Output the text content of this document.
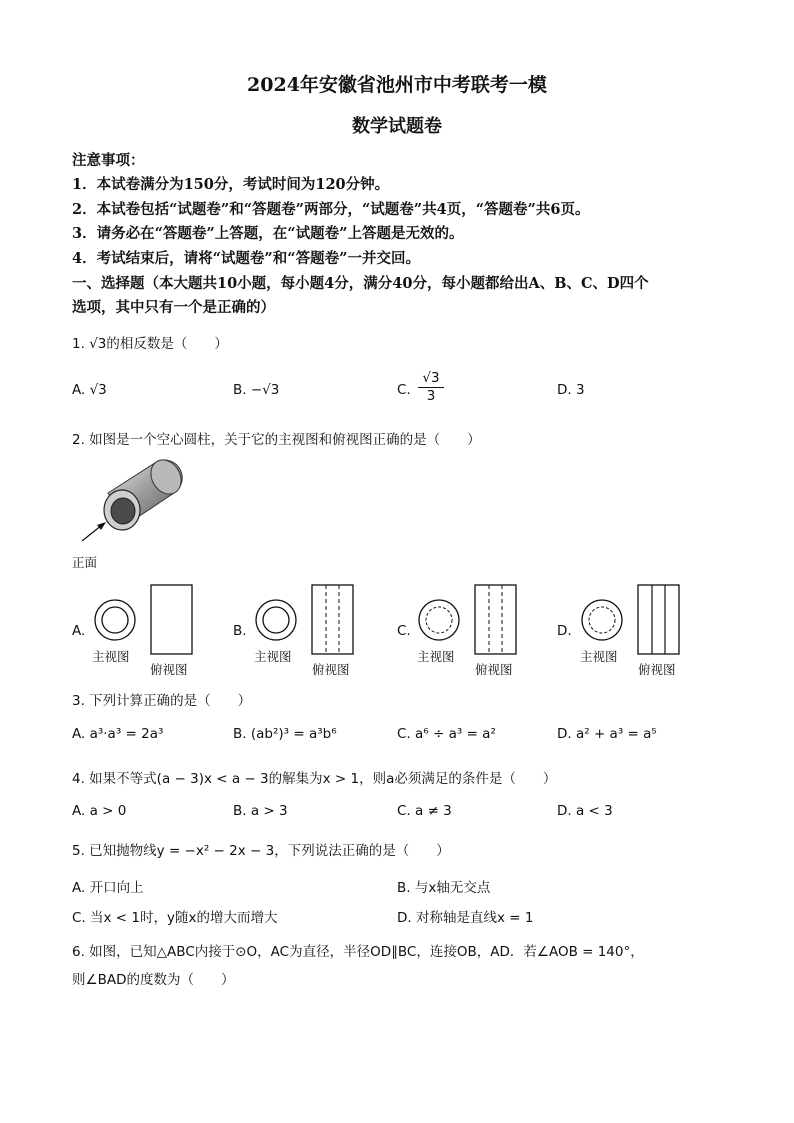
2024年安徽省池州市中考联考一模
数学试题卷
注意事项：
1．本试卷满分为150分，考试时间为120分钟。
2．本试卷包括“试题卷”和“答题卷”两部分，“试题卷”共4页，“答题卷”共6页。
3．请务必在“答题卷”上答题，在“试题卷”上答题是无效的。
4．考试结束后，请将“试题卷”和“答题卷”一并交回。
一、选择题（本大题共10小题，每小题4分，满分40分，每小题都给出A、B、C、D四个
选项，其中只有一个是正确的）
1. √3的相反数是（　　）
A. √3	B. −√3	C. $\frac{√3}{3}$	D. 3
2. 如图是一个空心圆柱，关于它的主视图和俯视图正确的是（　　）
正面
A.
主视图
俯视图
B.
主视图
俯视图
C.
主视图
俯视图
D.
主视图
俯视图
3. 下列计算正确的是（　　）
A. a³·a³ = 2a³	B. (ab²)³ = a³b⁶	C. a⁶ ÷ a³ = a²	D. a² + a³ = a⁵
4. 如果不等式(a − 3)x < a − 3的解集为x > 1，则a必须满足的条件是（　　）
A. a > 0	B. a > 3	C. a ≠ 3	D. a < 3
5. 已知抛物线y = −x² − 2x − 3，下列说法正确的是（　　）
A. 开口向上	B. 与x轴无交点
C. 当x < 1时，y随x的增大而增大	D. 对称轴是直线x = 1
6. 如图，已知△ABC内接于⊙O，AC为直径，半径OD∥BC，连接OB，AD．若∠AOB = 140°，
则∠BAD的度数为（　　）
